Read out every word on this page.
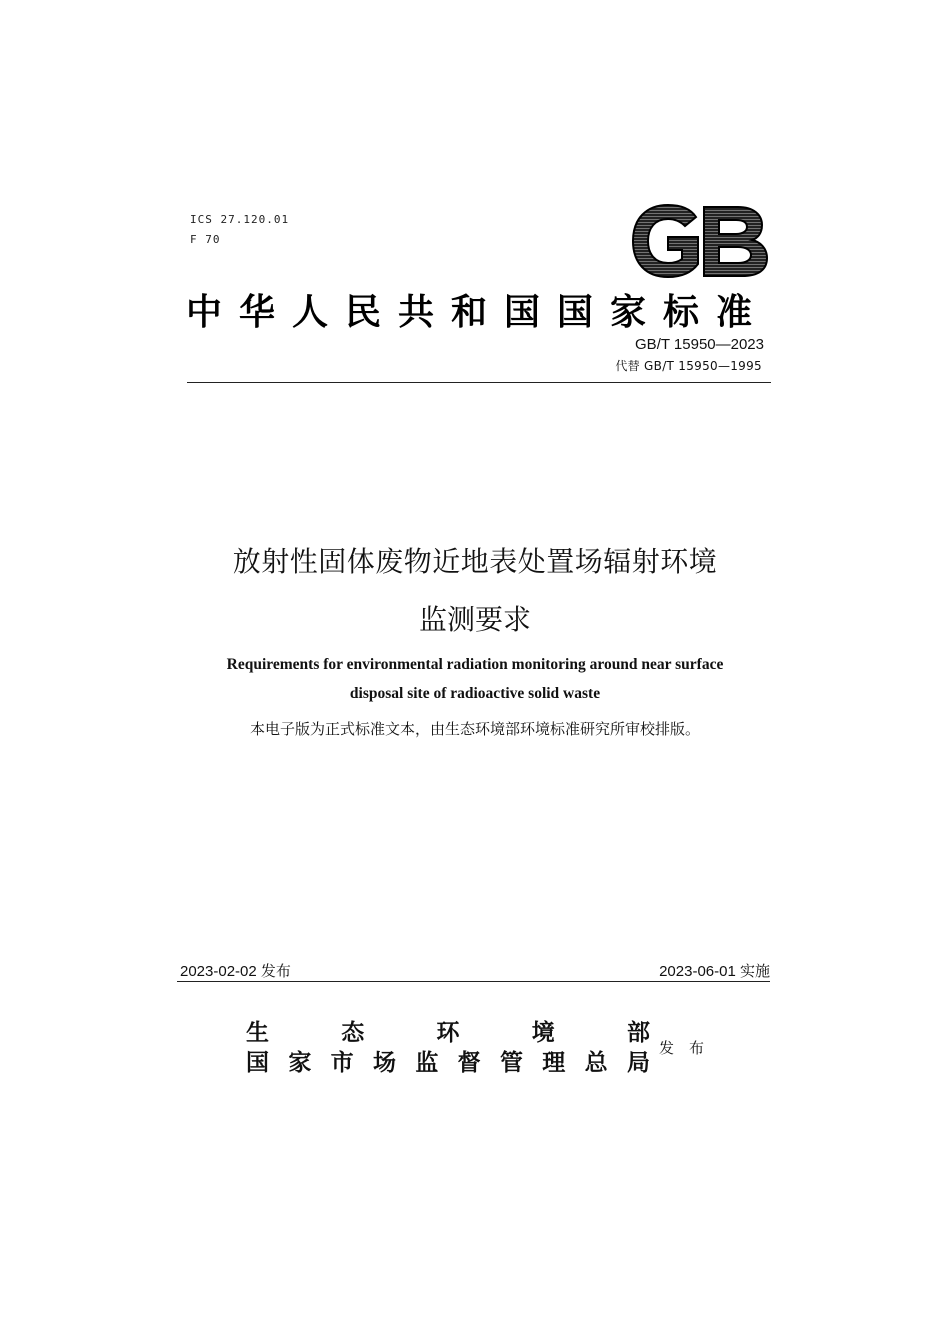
ICS 27.120.01
F 70
GB
中华人民共和国国家标准
GB/T 15950—2023
代替 GB/T 15950—1995
放射性固体废物近地表处置场辐射环境
监测要求
Requirements for environmental radiation monitoring around near surface
disposal site of radioactive solid waste
本电子版为正式标准文本，由生态环境部环境标准研究所审校排版。
2023-02-02 发布	2023-06-01 实施
生	态	环	境	部
国 家 市 场 监 督 管 理 总 局
发布
